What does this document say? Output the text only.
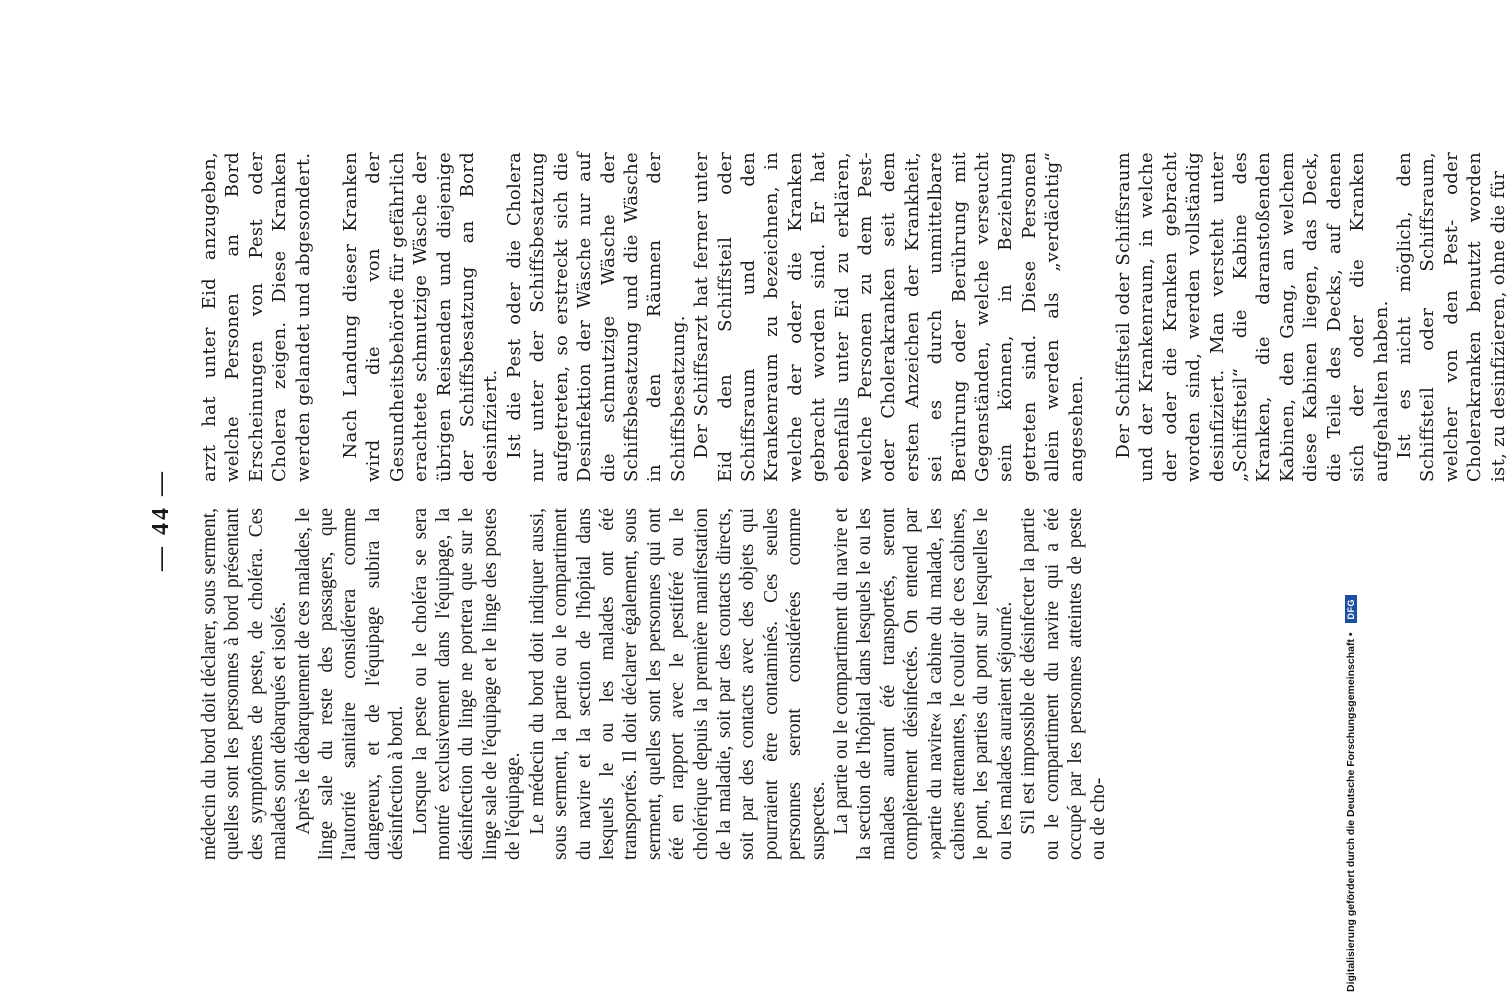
— 44 — médecin du bord doit déclarer, sous serment, quelles sont les personnes à bord présentant des symptômes de peste, de choléra. Ces malades sont débarqués et isolés. Après le débarquement de ces malades, le linge sale du reste des passagers, que l'autorité sanitaire considérera comme dangereux, et de l'équipage subira la désinfection à bord. Lorsque la peste ou le choléra se sera montré exclusivement dans l'équipage, la désinfection du linge ne portera que sur le linge sale de l'équipage et le linge des postes de l'équipage. Le médecin du bord doit indiquer aussi, sous serment, la partie ou le compartiment du navire et la section de l'hôpital dans lesquels le ou les malades ont été transportés. Il doit déclarer également, sous serment, quelles sont les personnes qui ont été en rapport avec le pestiféré ou le cholérique depuis la première manifestation de la maladie, soit par des contacts directs, soit par des contacts avec des objets qui pourraient être contaminés. Ces seules personnes seront considérées comme suspectes. La partie ou le compartiment du navire et la section de l'hôpital dans lesquels le ou les malades auront été transportés, seront complètement désinfectés. On entend par »partie du navire« la cabine du malade, les cabines attenantes, le couloir de ces cabines, le pont, les parties du pont sur lesquelles le ou les malades auraient séjourné. S'il est impossible de désinfecter la partie ou le compartiment du navire qui a été occupé par les personnes atteintes de peste ou de cho-

arzt hat unter Eid anzugeben, welche Personen an Bord Erscheinungen von Pest oder Cholera zeigen. Diese Kranken werden gelandet und abgesondert. Nach Landung dieser Kranken wird die von der Gesundheitsbehörde für gefährlich erachtete schmutzige Wäsche der übrigen Reisenden und diejenige der Schiffsbesatzung an Bord desinfiziert. Ist die Pest oder die Cholera nur unter der Schiffsbesatzung aufgetreten, so erstreckt sich die Desinfektion der Wäsche nur auf die schmutzige Wäsche der Schiffsbesatzung und die Wäsche in den Räumen der Schiffsbesatzung. Der Schiffsarzt hat ferner unter Eid den Schiffsteil oder Schiffsraum und den Krankenraum zu bezeichnen, in welche der oder die Kranken gebracht worden sind. Er hat ebenfalls unter Eid zu erklären, welche Personen zu dem Pest- oder Cholerakranken seit dem ersten Anzeichen der Krankheit, sei es durch unmittelbare Berührung oder Berührung mit Gegenständen, welche verseucht sein können, in Beziehung getreten sind. Diese Personen allein werden als „verdächtig“ angesehen. Der Schiffsteil oder Schiffsraum und der Krankenraum, in welche der oder die Kranken gebracht worden sind, werden vollständig desinfiziert. Man versteht unter „Schiffsteil“ die Kabine des Kranken, die daranstoßenden Kabinen, den Gang, an welchem diese Kabinen liegen, das Deck, die Teile des Decks, auf denen sich der oder die Kranken aufgehalten haben. Ist es nicht möglich, den Schiffsteil oder Schiffsraum, welcher von den Pest- oder Cholerakranken benutzt worden ist, zu desinfizieren, ohne die für

Digitalisierung gefördert durch die Deutsche Forschungsgemeinschaft • DFG
